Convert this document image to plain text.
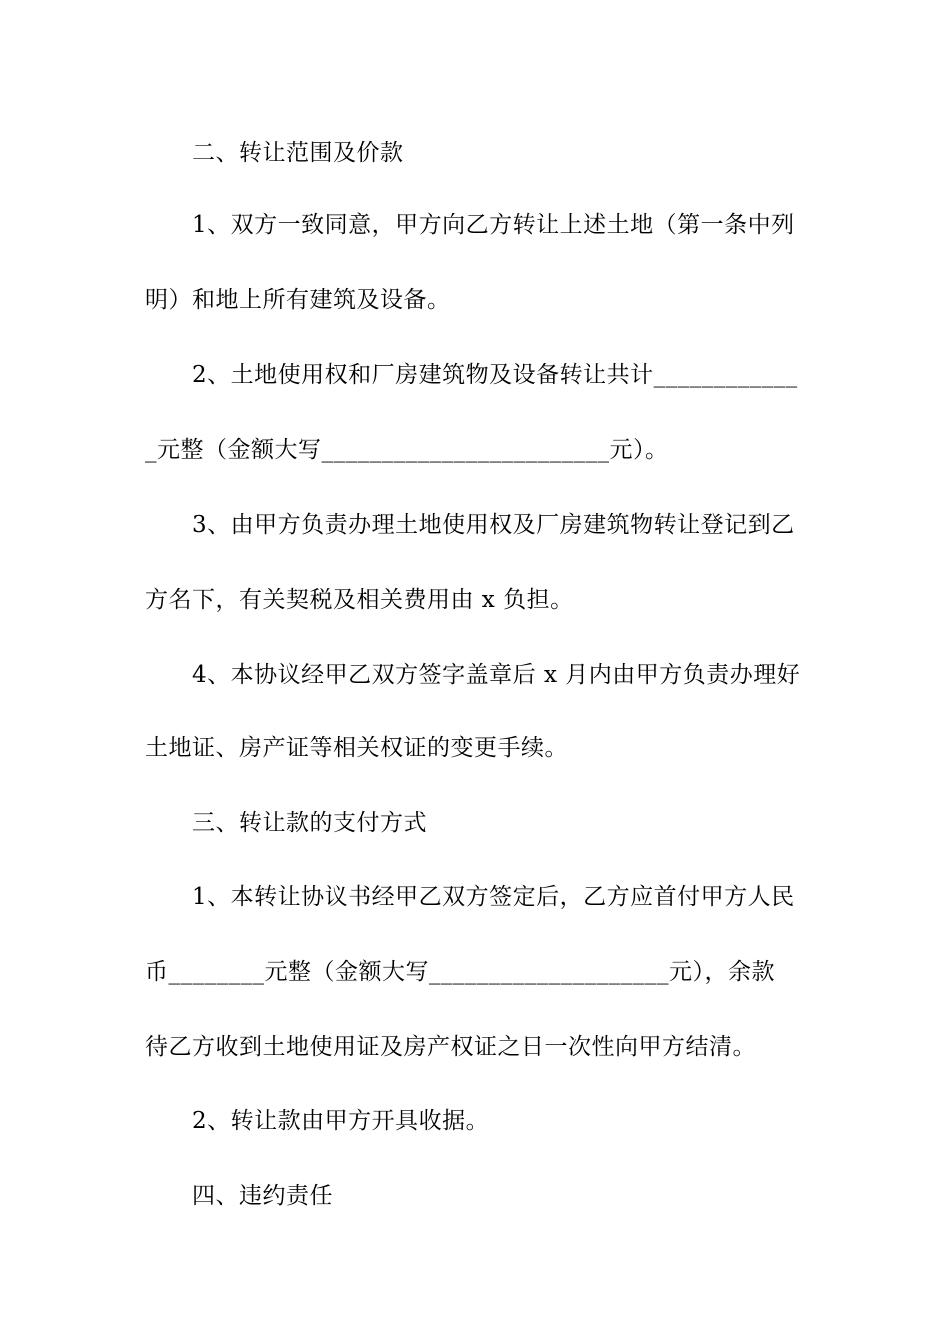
二、转让范围及价款
1、双方一致同意，甲方向乙方转让上述土地（第一条中列
明）和地上所有建筑及设备。
2、土地使用权和厂房建筑物及设备转让共计____________
_元整（金额大写________________________元）。
3、由甲方负责办理土地使用权及厂房建筑物转让登记到乙
方名下，有关契税及相关费用由 x 负担。
4、本协议经甲乙双方签字盖章后 x 月内由甲方负责办理好
土地证、房产证等相关权证的变更手续。
三、转让款的支付方式
1、本转让协议书经甲乙双方签定后，乙方应首付甲方人民
币________元整（金额大写____________________元），余款
待乙方收到土地使用证及房产权证之日一次性向甲方结清。
2、转让款由甲方开具收据。
四、违约责任
